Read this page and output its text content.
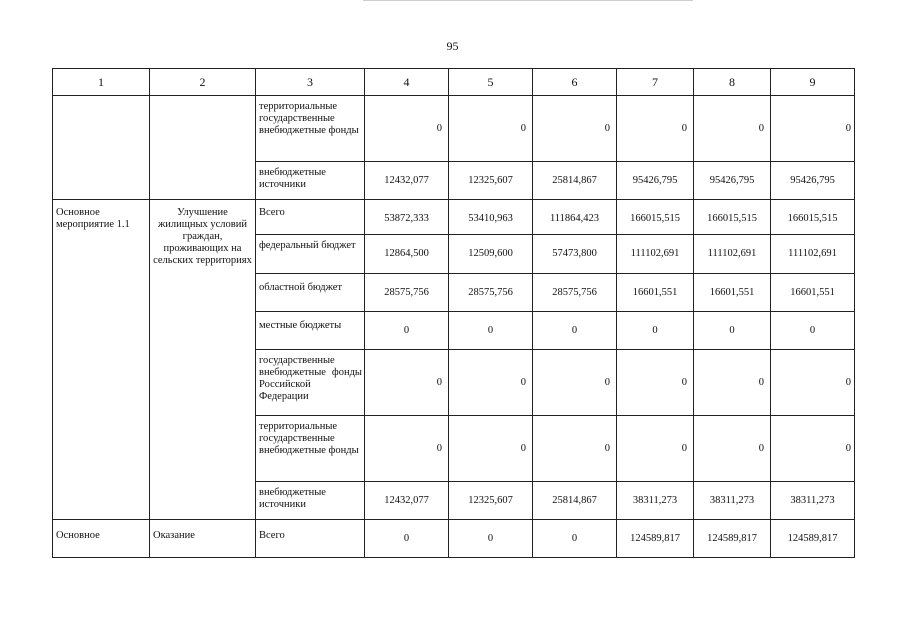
95
1	2	3	4	5	6	7	8	9
		территориальные государственные внебюджетные фонды	0	0	0	0	0	0
		внебюджетные источники	12432,077	12325,607	25814,867	95426,795	95426,795	95426,795
Основное мероприятие 1.1	Улучшение жилищных условий граждан, проживающих на сельских территориях	Всего	53872,333	53410,963	111864,423	166015,515	166015,515	166015,515
		федеральный бюджет	12864,500	12509,600	57473,800	111102,691	111102,691	111102,691
		областной бюджет	28575,756	28575,756	28575,756	16601,551	16601,551	16601,551
		местные бюджеты	0	0	0	0	0	0
		государственные внебюджетные фонды Российской Федерации	0	0	0	0	0	0
		территориальные государственные внебюджетные фонды	0	0	0	0	0	0
		внебюджетные источники	12432,077	12325,607	25814,867	38311,273	38311,273	38311,273
Основное	Оказание	Всего	0	0	0	124589,817	124589,817	124589,817
